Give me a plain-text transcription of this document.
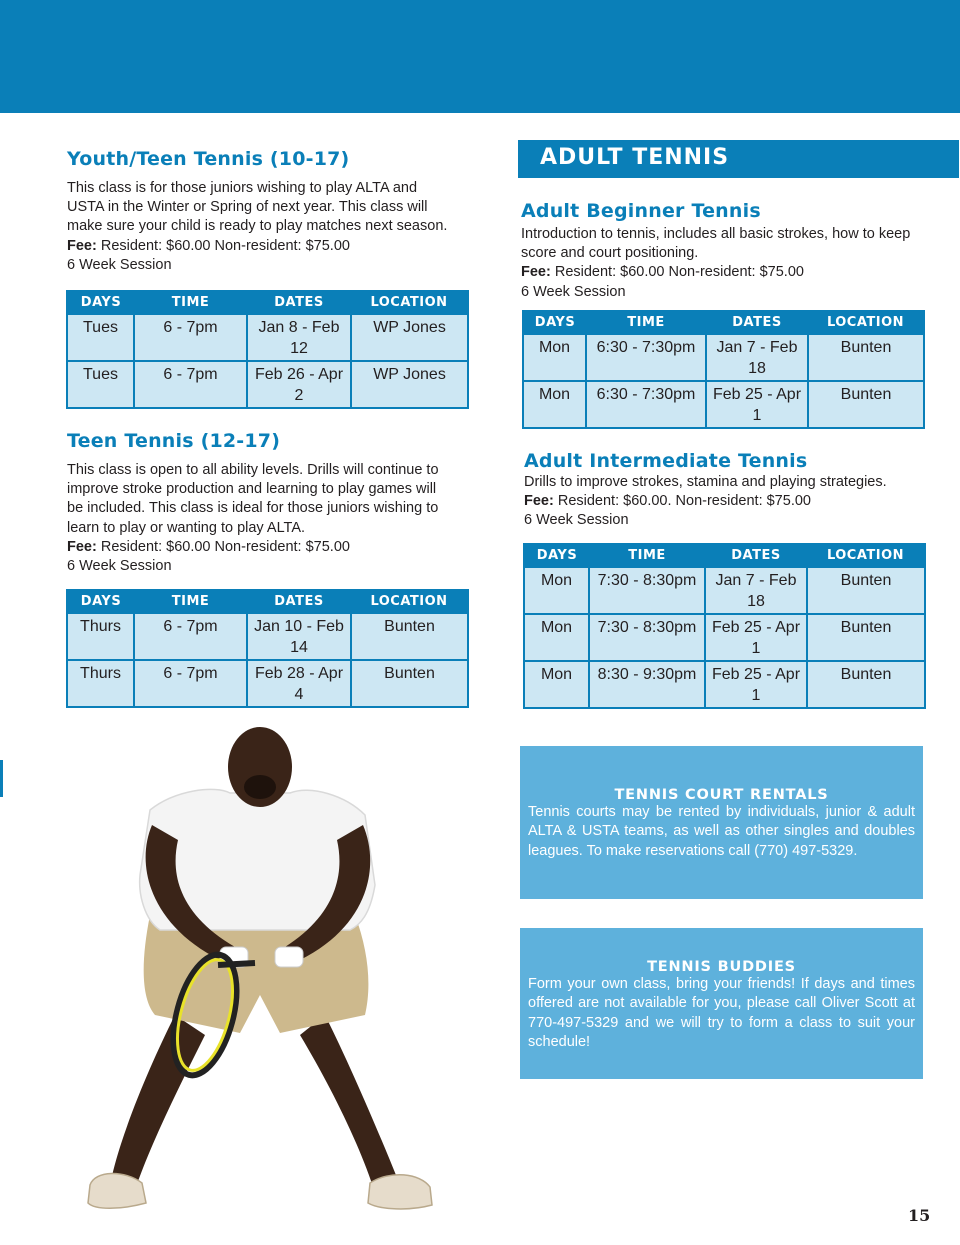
Youth/Teen Tennis (10-17)
This class is for those juniors wishing to play ALTA and USTA in the Winter or Spring of next year. This class will make sure your child is ready to play matches next season.
Fee: Resident: $60.00 Non-resident: $75.00
6 Week Session
DAYS	TIME	DATES	LOCATION
Tues	6 - 7pm	Jan 8 - Feb 12	WP Jones
Tues	6 - 7pm	Feb 26 - Apr 2	WP Jones
Teen Tennis (12-17)
This class is open to all ability levels. Drills will continue to improve stroke production and learning to play games will be included. This class is ideal for those juniors wishing to learn to play or wanting to play ALTA.
Fee: Resident: $60.00 Non-resident: $75.00
6 Week Session
DAYS	TIME	DATES	LOCATION
Thurs	6 - 7pm	Jan 10 - Feb 14	Bunten
Thurs	6 - 7pm	Feb 28 - Apr 4	Bunten
ADULT TENNIS
Adult Beginner Tennis
Introduction to tennis, includes all basic strokes, how to keep score and court positioning.
Fee: Resident: $60.00 Non-resident: $75.00
6 Week Session
DAYS	TIME	DATES	LOCATION
Mon	6:30 - 7:30pm	Jan 7 - Feb 18	Bunten
Mon	6:30 - 7:30pm	Feb 25 - Apr 1	Bunten
Adult Intermediate Tennis
Drills to improve strokes, stamina and playing strategies.
Fee: Resident: $60.00. Non-resident: $75.00
6 Week Session
DAYS	TIME	DATES	LOCATION
Mon	7:30 - 8:30pm	Jan 7 - Feb 18	Bunten
Mon	7:30 - 8:30pm	Feb 25 - Apr 1	Bunten
Mon	8:30 - 9:30pm	Feb 25 - Apr 1	Bunten
TENNIS COURT RENTALS

Tennis courts may be rented by individuals, junior & adult ALTA & USTA teams, as well as other singles and doubles leagues. To make reservations call (770) 497-5329.

TENNIS BUDDIES

Form your own class, bring your friends! If days and times offered are not available for you, please call Oliver Scott at 770-497-5329 and we will try to form a class to suit your schedule!

15
